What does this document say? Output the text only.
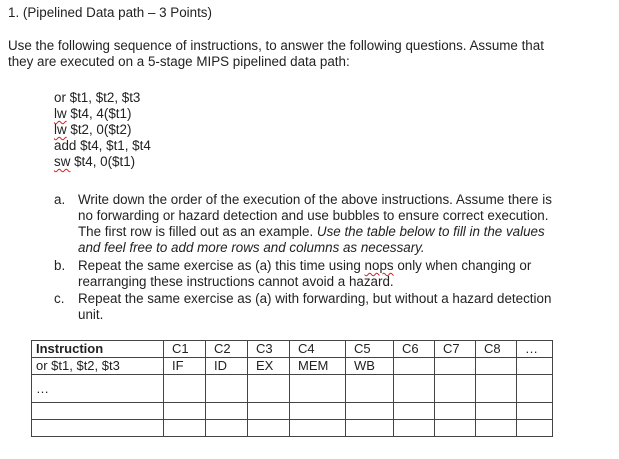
1. (Pipelined Data path – 3 Points)
Use the following sequence of instructions, to answer the following questions. Assume that
they are executed on a 5-stage MIPS pipelined data path:
or $t1, $t2, $t3
lw $t4, 4($t1)
lw $t2, 0($t2)
add $t4, $t1, $t4
sw $t4, 0($t1)
a. Write down the order of the execution of the above instructions. Assume there is
no forwarding or hazard detection and use bubbles to ensure correct execution.
The first row is filled out as an example. Use the table below to fill in the values
and feel free to add more rows and columns as necessary.
b. Repeat the same exercise as (a) this time using nops only when changing or
rearranging these instructions cannot avoid a hazard.
c. Repeat the same exercise as (a) with forwarding, but without a hazard detection
unit.
Instruction	C1	C2	C3	C4	C5	C6	C7	C8	…
or $t1, $t2, $t3	IF	ID	EX	MEM	WB				
…									
